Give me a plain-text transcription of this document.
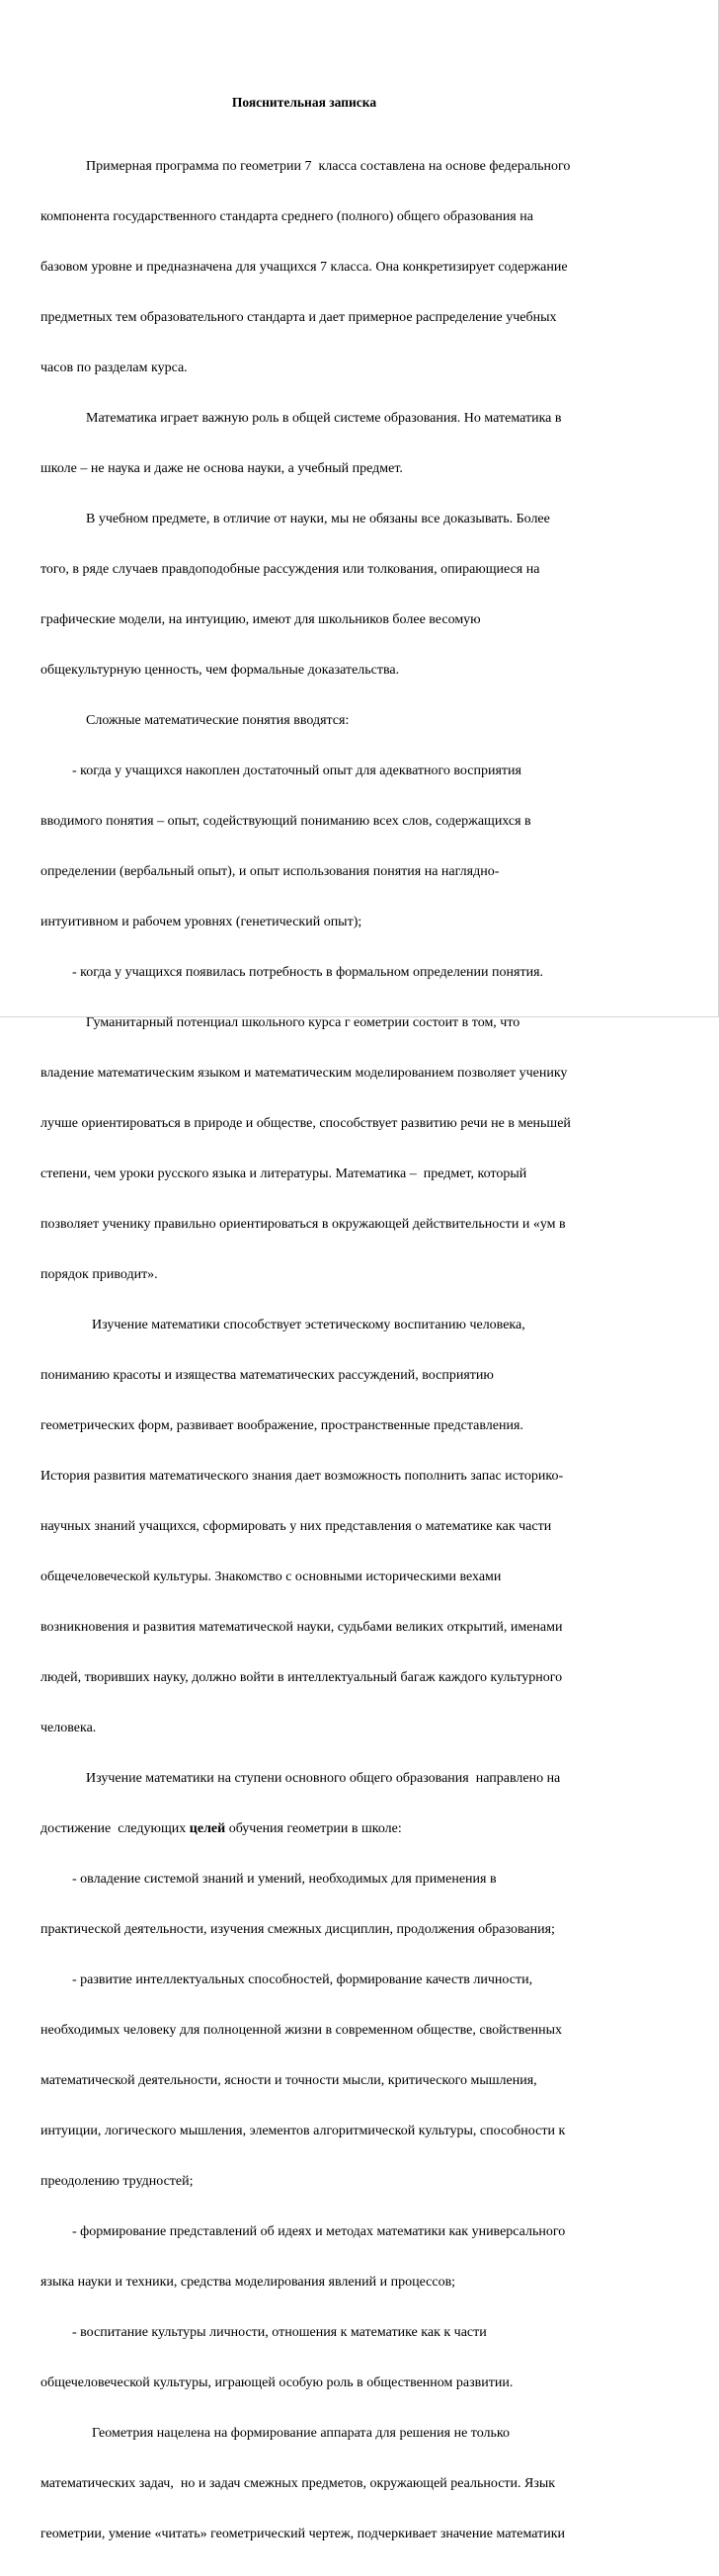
Пояснительная записка

Примерная программа по геометрии 7  класса составлена на основе федерального

компонента государственного стандарта среднего (полного) общего образования на

базовом уровне и предназначена для учащихся 7 класса. Она конкретизирует содержание

предметных тем образовательного стандарта и дает примерное распределение учебных

часов по разделам курса.

Математика играет важную роль в общей системе образования. Но математика в

школе – не наука и даже не основа науки, а учебный предмет.

В учебном предмете, в отличие от науки, мы не обязаны все доказывать. Более

того, в ряде случаев правдоподобные рассуждения или толкования, опирающиеся на

графические модели, на интуицию, имеют для школьников более весомую

общекультурную ценность, чем формальные доказательства.

Сложные математические понятия вводятся:

- когда у учащихся накоплен достаточный опыт для адекватного восприятия

вводимого понятия – опыт, содействующий пониманию всех слов, содержащихся в

определении (вербальный опыт), и опыт использования понятия на наглядно-

интуитивном и рабочем уровнях (генетический опыт);

- когда у учащихся появилась потребность в формальном определении понятия.

Гуманитарный потенциал школьного курса г еометрии состоит в том, что

владение математическим языком и математическим моделированием позволяет ученику

лучше ориентироваться в природе и обществе, способствует развитию речи не в меньшей

степени, чем уроки русского языка и литературы. Математика –  предмет, который

позволяет ученику правильно ориентироваться в окружающей действительности и «ум в

порядок приводит».

Изучение математики способствует эстетическому воспитанию человека,

пониманию красоты и изящества математических рассуждений, восприятию

геометрических форм, развивает воображение, пространственные представления.

История развития математического знания дает возможность пополнить запас историко-

научных знаний учащихся, сформировать у них представления о математике как части

общечеловеческой культуры. Знакомство с основными историческими вехами

возникновения и развития математической науки, судьбами великих открытий, именами

людей, творивших науку, должно войти в интеллектуальный багаж каждого культурного

человека.

Изучение математики на ступени основного общего образования  направлено на

достижение следующих целей обучения геометрии в школе:

- овладение системой знаний и умений, необходимых для применения в

практической деятельности, изучения смежных дисциплин, продолжения образования;

- развитие интеллектуальных способностей, формирование качеств личности,

необходимых человеку для полноценной жизни в современном обществе, свойственных

математической деятельности, ясности и точности мысли, критического мышления,

интуиции, логического мышления, элементов алгоритмической культуры, способности к

преодолению трудностей;

- формирование представлений об идеях и методах математики как универсального

языка науки и техники, средства моделирования явлений и процессов;

- воспитание культуры личности, отношения к математике как к части

общечеловеческой культуры, играющей особую роль в общественном развитии.

Геометрия нацелена на формирование аппарата для решения не только

математических задач,  но и задач смежных предметов, окружающей реальности. Язык

геометрии, умение «читать» геометрический чертеж, подчеркивает значение математики
